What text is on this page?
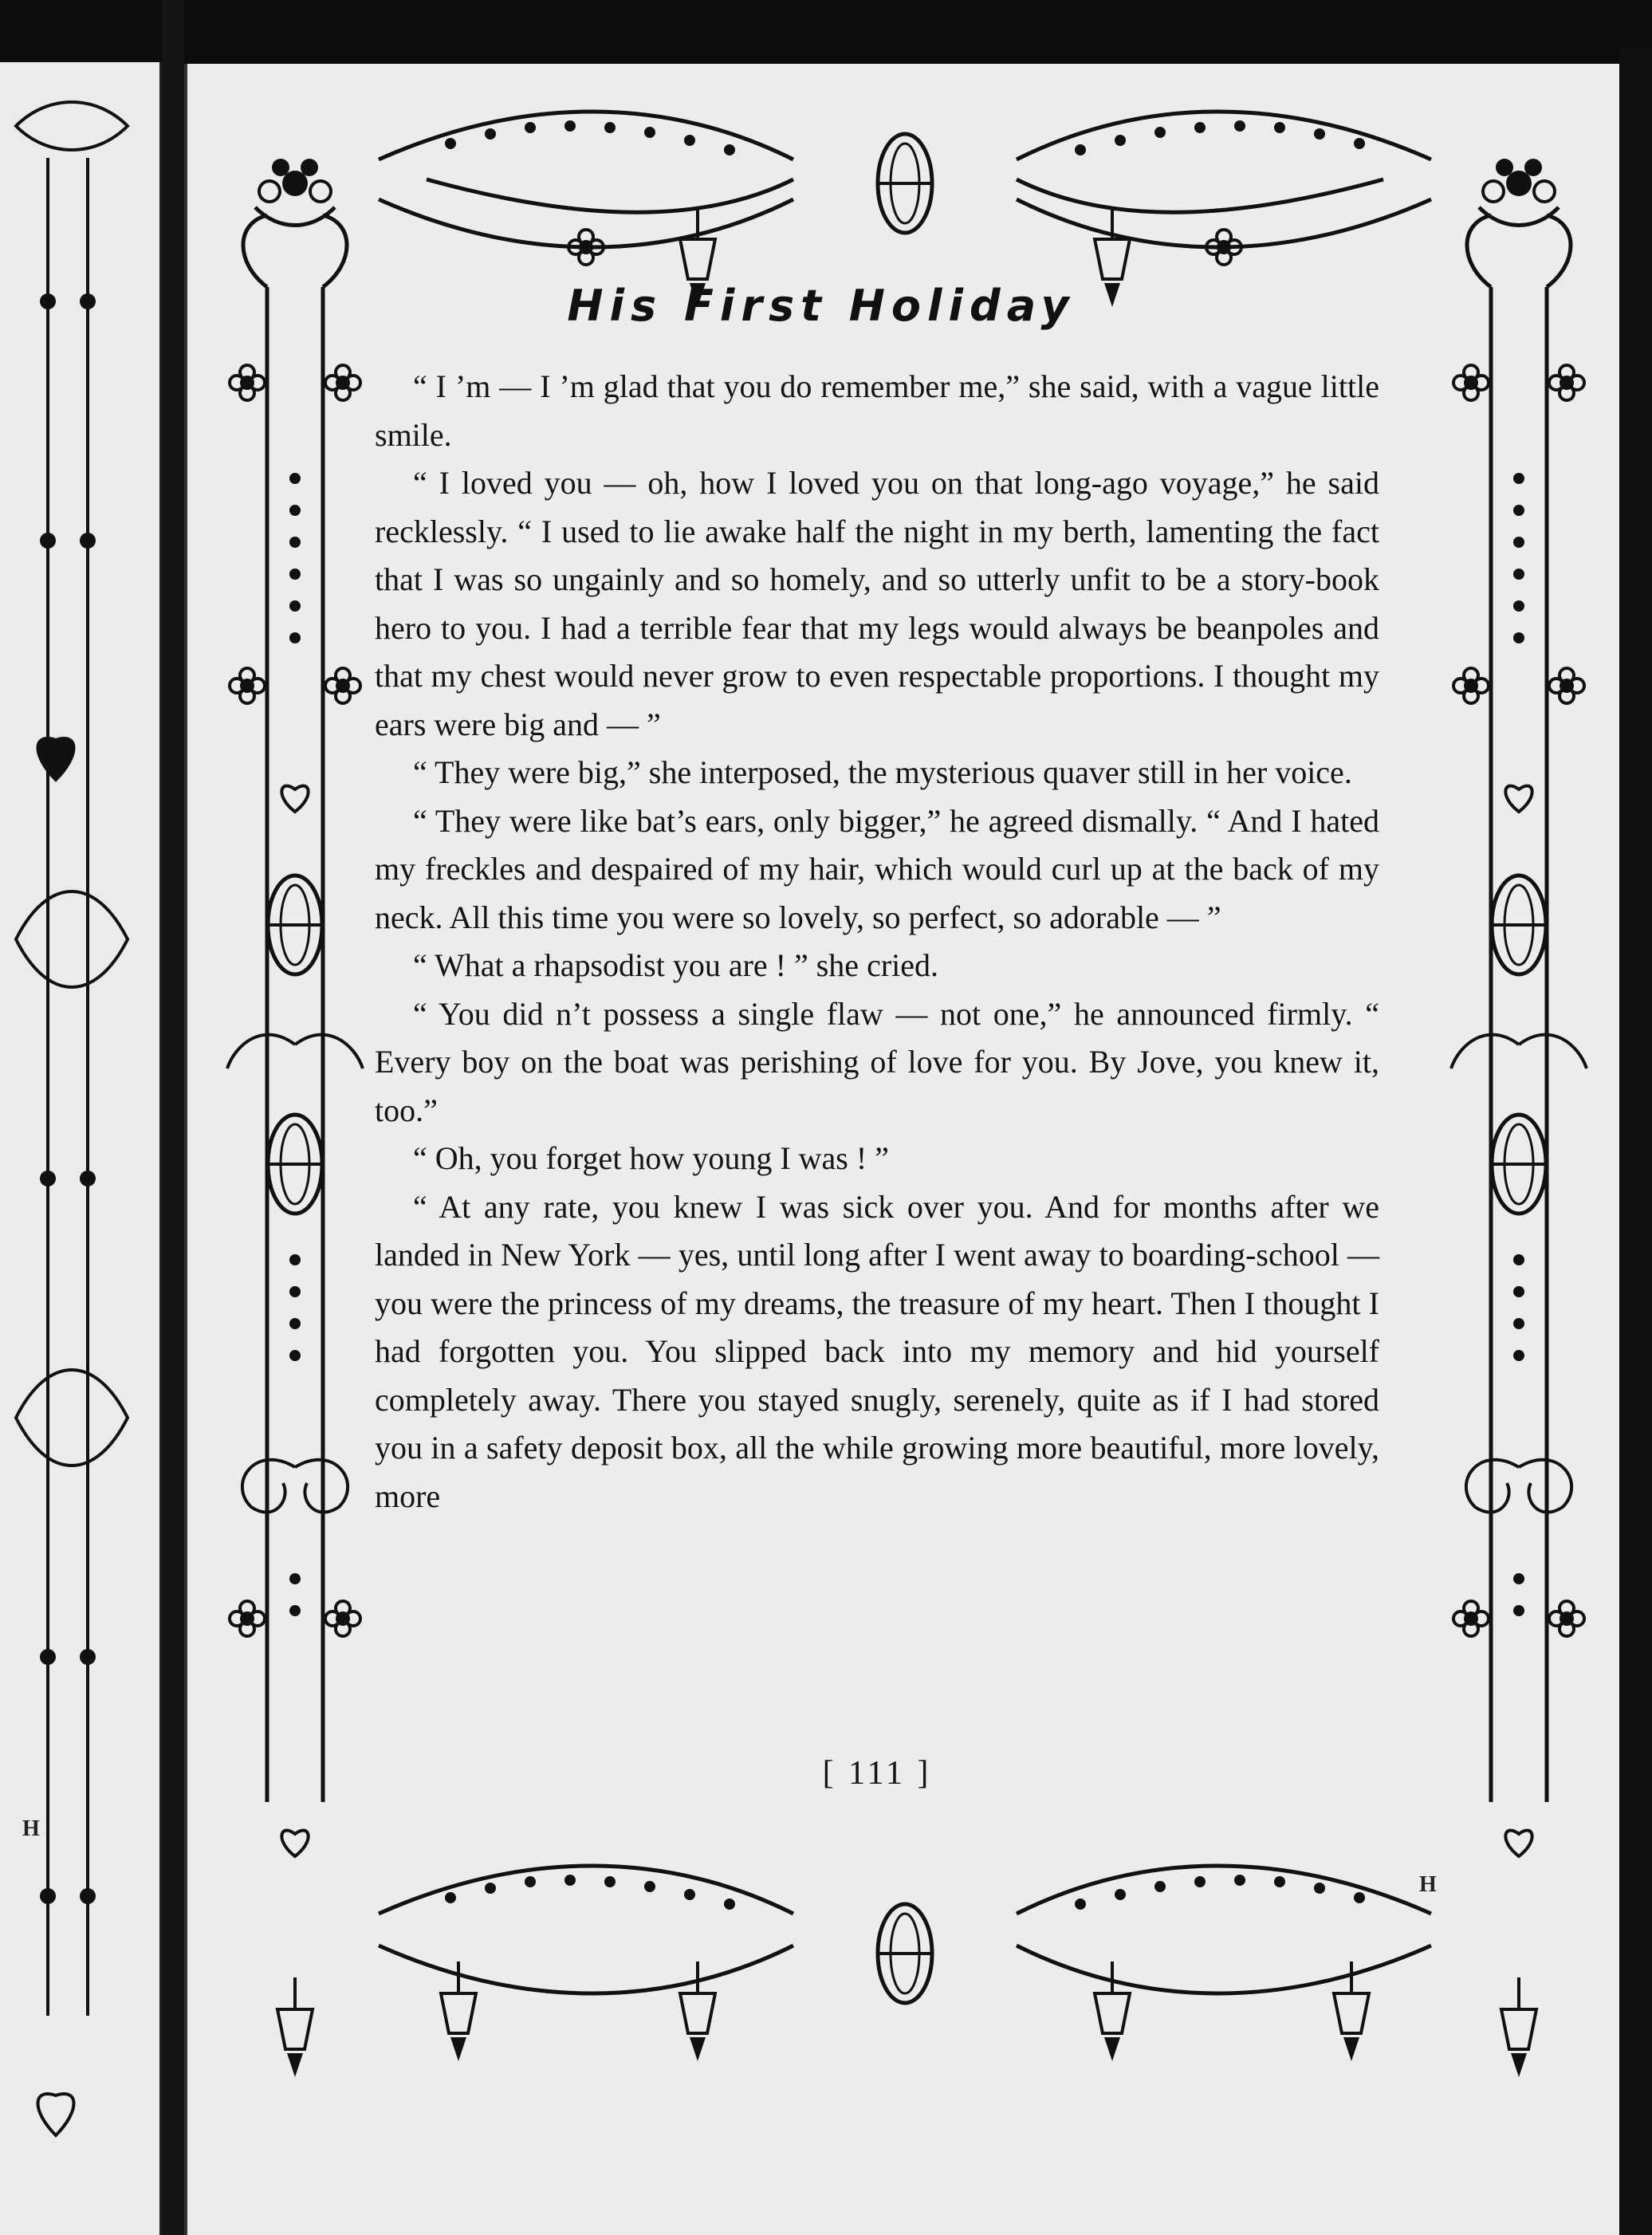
H
H
His First Holiday

“ I ’m — I ’m glad that you do remember me,” she said, with a vague little smile.

“ I loved you — oh, how I loved you on that long-ago voyage,” he said recklessly. “ I used to lie awake half the night in my berth, lamenting the fact that I was so ungainly and so homely, and so utterly unfit to be a story-book hero to you. I had a terrible fear that my legs would always be beanpoles and that my chest would never grow to even respectable proportions. I thought my ears were big and — ”

“ They were big,” she interposed, the mysterious quaver still in her voice.

“ They were like bat’s ears, only bigger,” he agreed dismally. “ And I hated my freckles and despaired of my hair, which would curl up at the back of my neck. All this time you were so lovely, so perfect, so adorable — ”

“ What a rhapsodist you are ! ” she cried.

“ You did n’t possess a single flaw — not one,” he announced firmly. “ Every boy on the boat was perishing of love for you. By Jove, you knew it, too.”

“ Oh, you forget how young I was ! ”

“ At any rate, you knew I was sick over you. And for months after we landed in New York — yes, until long after I went away to boarding-school — you were the princess of my dreams, the treasure of my heart. Then I thought I had forgotten you. You slipped back into my memory and hid yourself completely away. There you stayed snugly, serenely, quite as if I had stored you in a safety deposit box, all the while growing more beautiful, more lovely, more

[ 111 ]
